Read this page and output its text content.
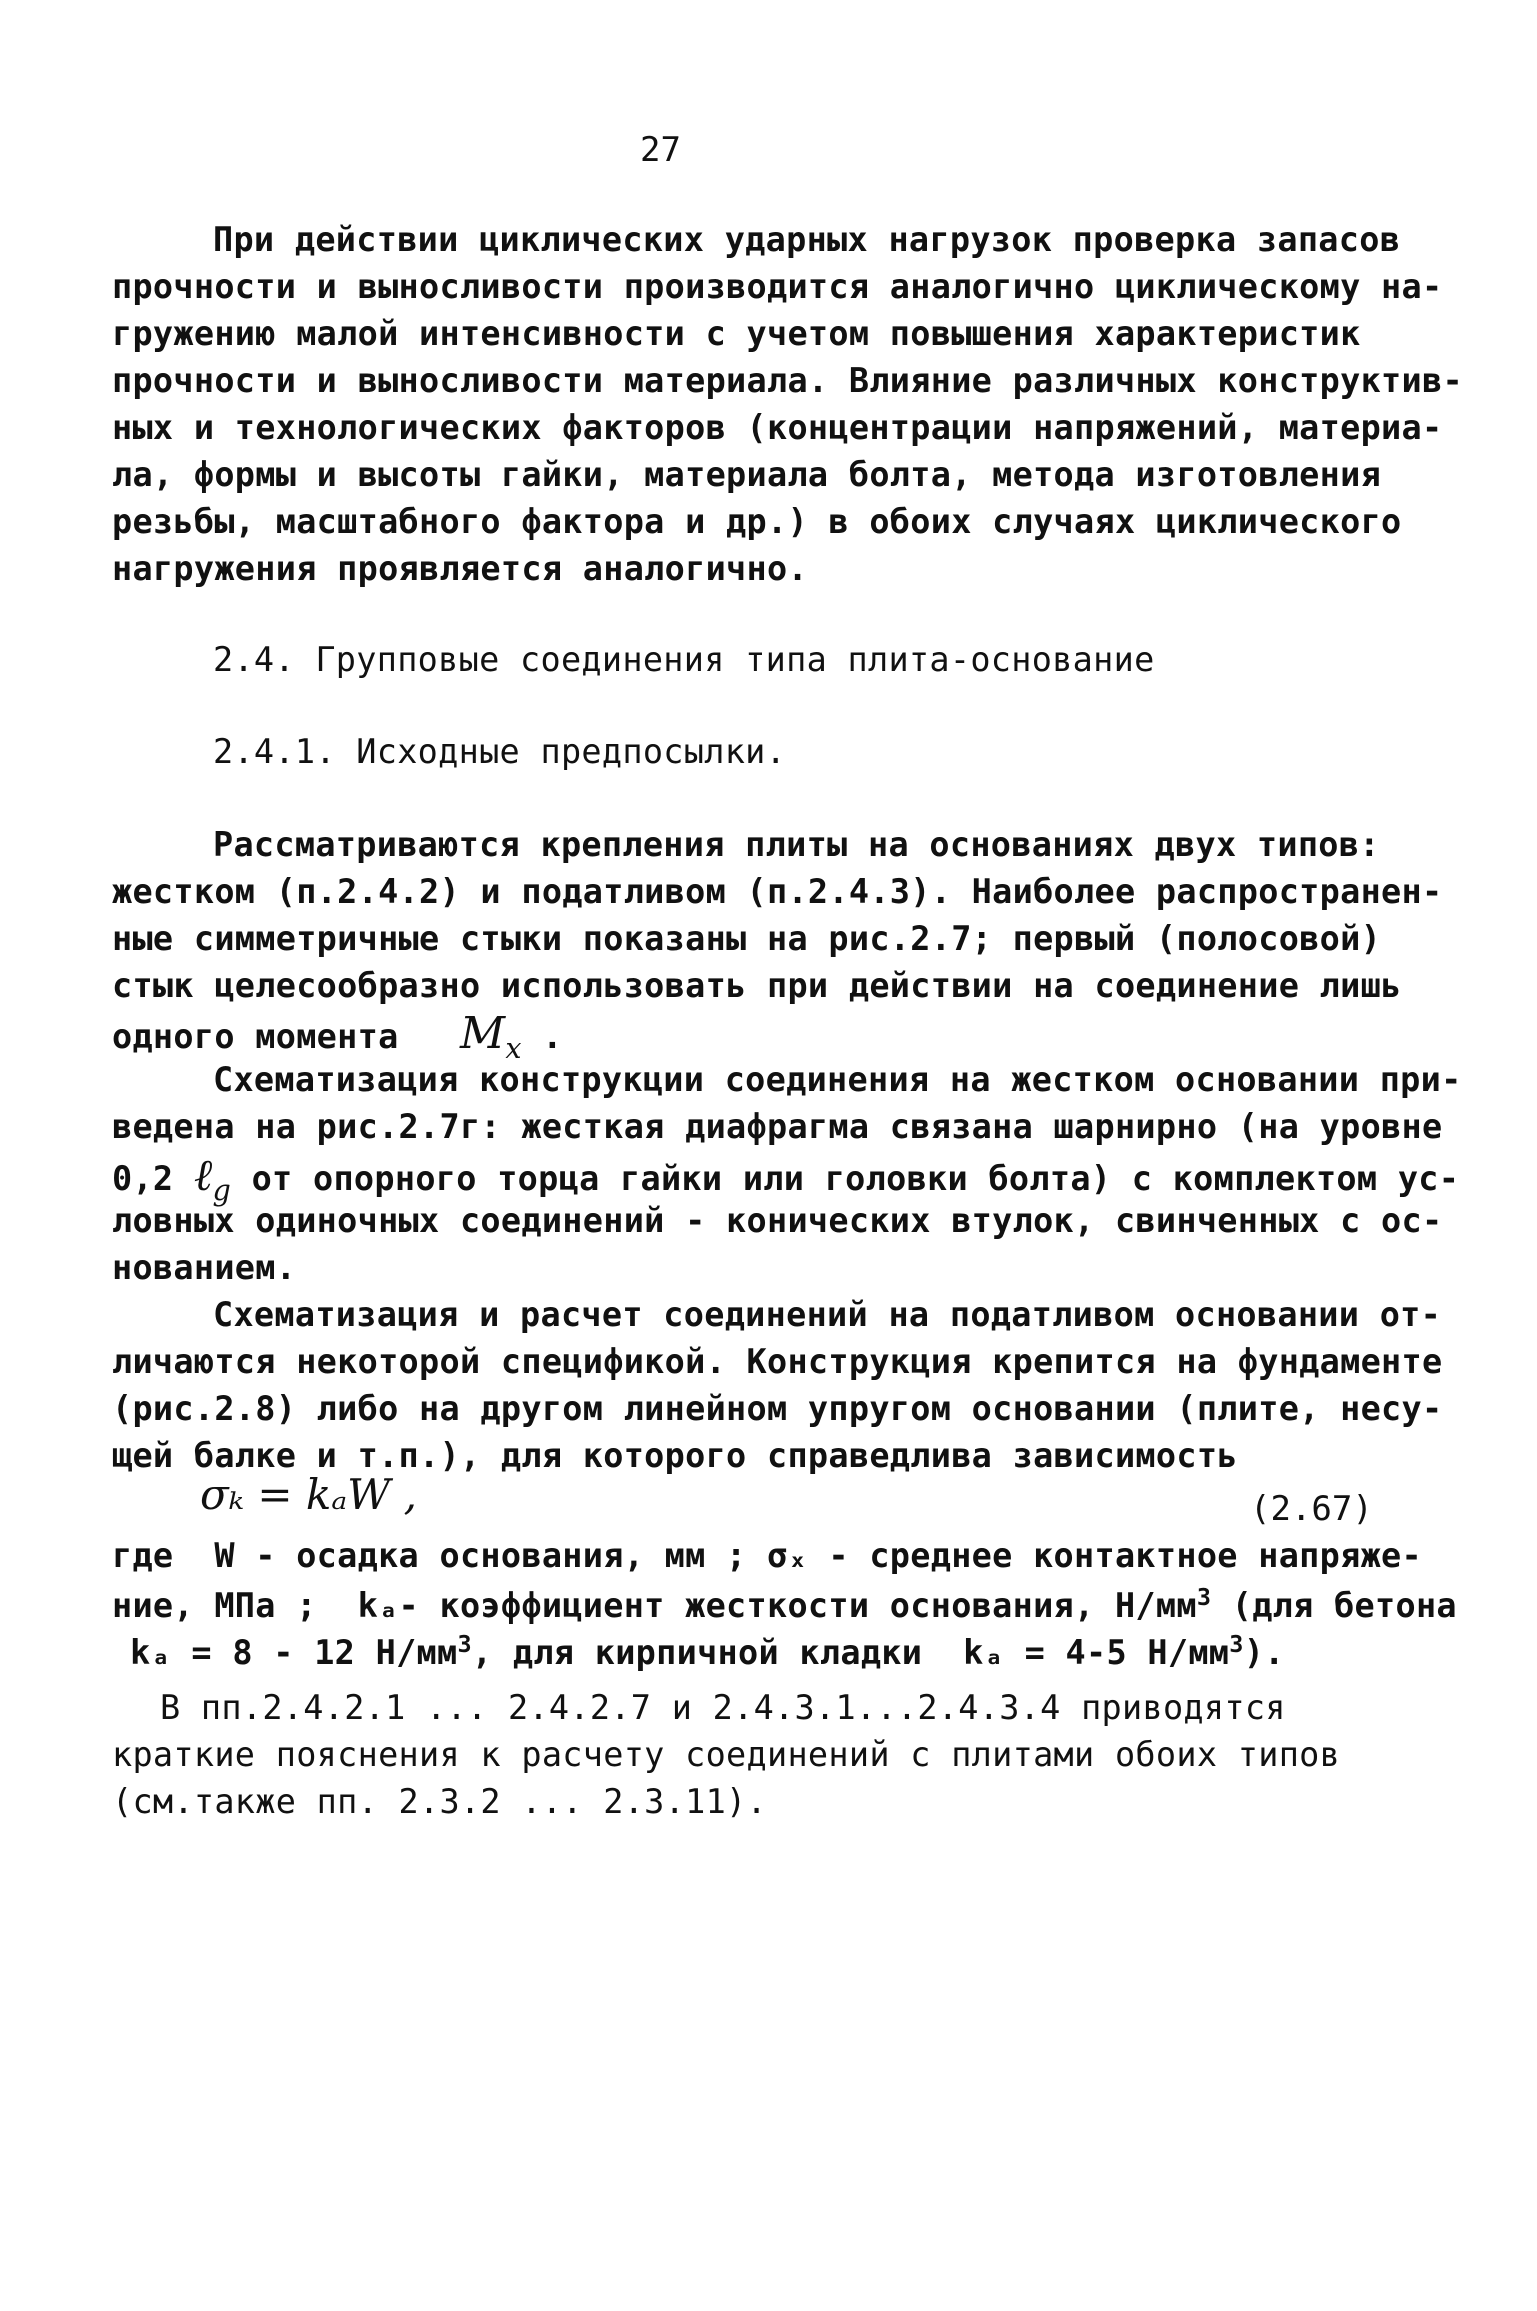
27
При действии циклических ударных нагрузок проверка запасов
прочности и выносливости производится аналогично циклическому на-
гружению малой интенсивности с учетом повышения характеристик
прочности и выносливости материала. Влияние различных конструктив-
ных и технологических факторов (концентрации напряжений, материа-
ла, формы и высоты гайки, материала болта, метода изготовления
резьбы, масштабного фактора и др.) в обоих случаях циклического
нагружения проявляется аналогично.
2.4. Групповые соединения типа плита-основание
2.4.1. Исходные предпосылки.
Рассматриваются крепления плиты на основаниях двух типов:
жестком (п.2.4.2) и податливом (п.2.4.3). Наиболее распространен-
ные симметричные стыки показаны на рис.2.7; первый (полосовой)
стык целесообразно использовать при действии на соединение лишь
одного момента $M_x$ .
Схематизация конструкции соединения на жестком основании при-
ведена на рис.2.7г: жесткая диафрагма связана шарнирно (на уровне
0,2 ℓ$_g$ от опорного торца гайки или головки болта) с комплектом ус-
ловных одиночных соединений - конических втулок, свинченных с ос-
нованием.
Схематизация и расчет соединений на податливом основании от-
личаются некоторой спецификой. Конструкция крепится на фундаменте
(рис.2.8) либо на другом линейном упругом основании (плите, несу-
щей балке и т.п.), для которого справедлива зависимость
σₖ = kₐW ,	(2.67)
где  W - осадка основания, мм ; σₓ - среднее контактное напряже-
ние, МПа ;  kₐ- коэффициент жесткости основания, $Н/мм^3$ (для бетона
kₐ = 8 - 12 $Н/мм^3$, для кирпичной кладки  kₐ = 4-5 $Н/мм^3$).
В пп.2.4.2.1 ... 2.4.2.7 и 2.4.3.1...2.4.3.4 приводятся
краткие пояснения к расчету соединений с плитами обоих типов
(см.также пп. 2.3.2 ... 2.3.11).
